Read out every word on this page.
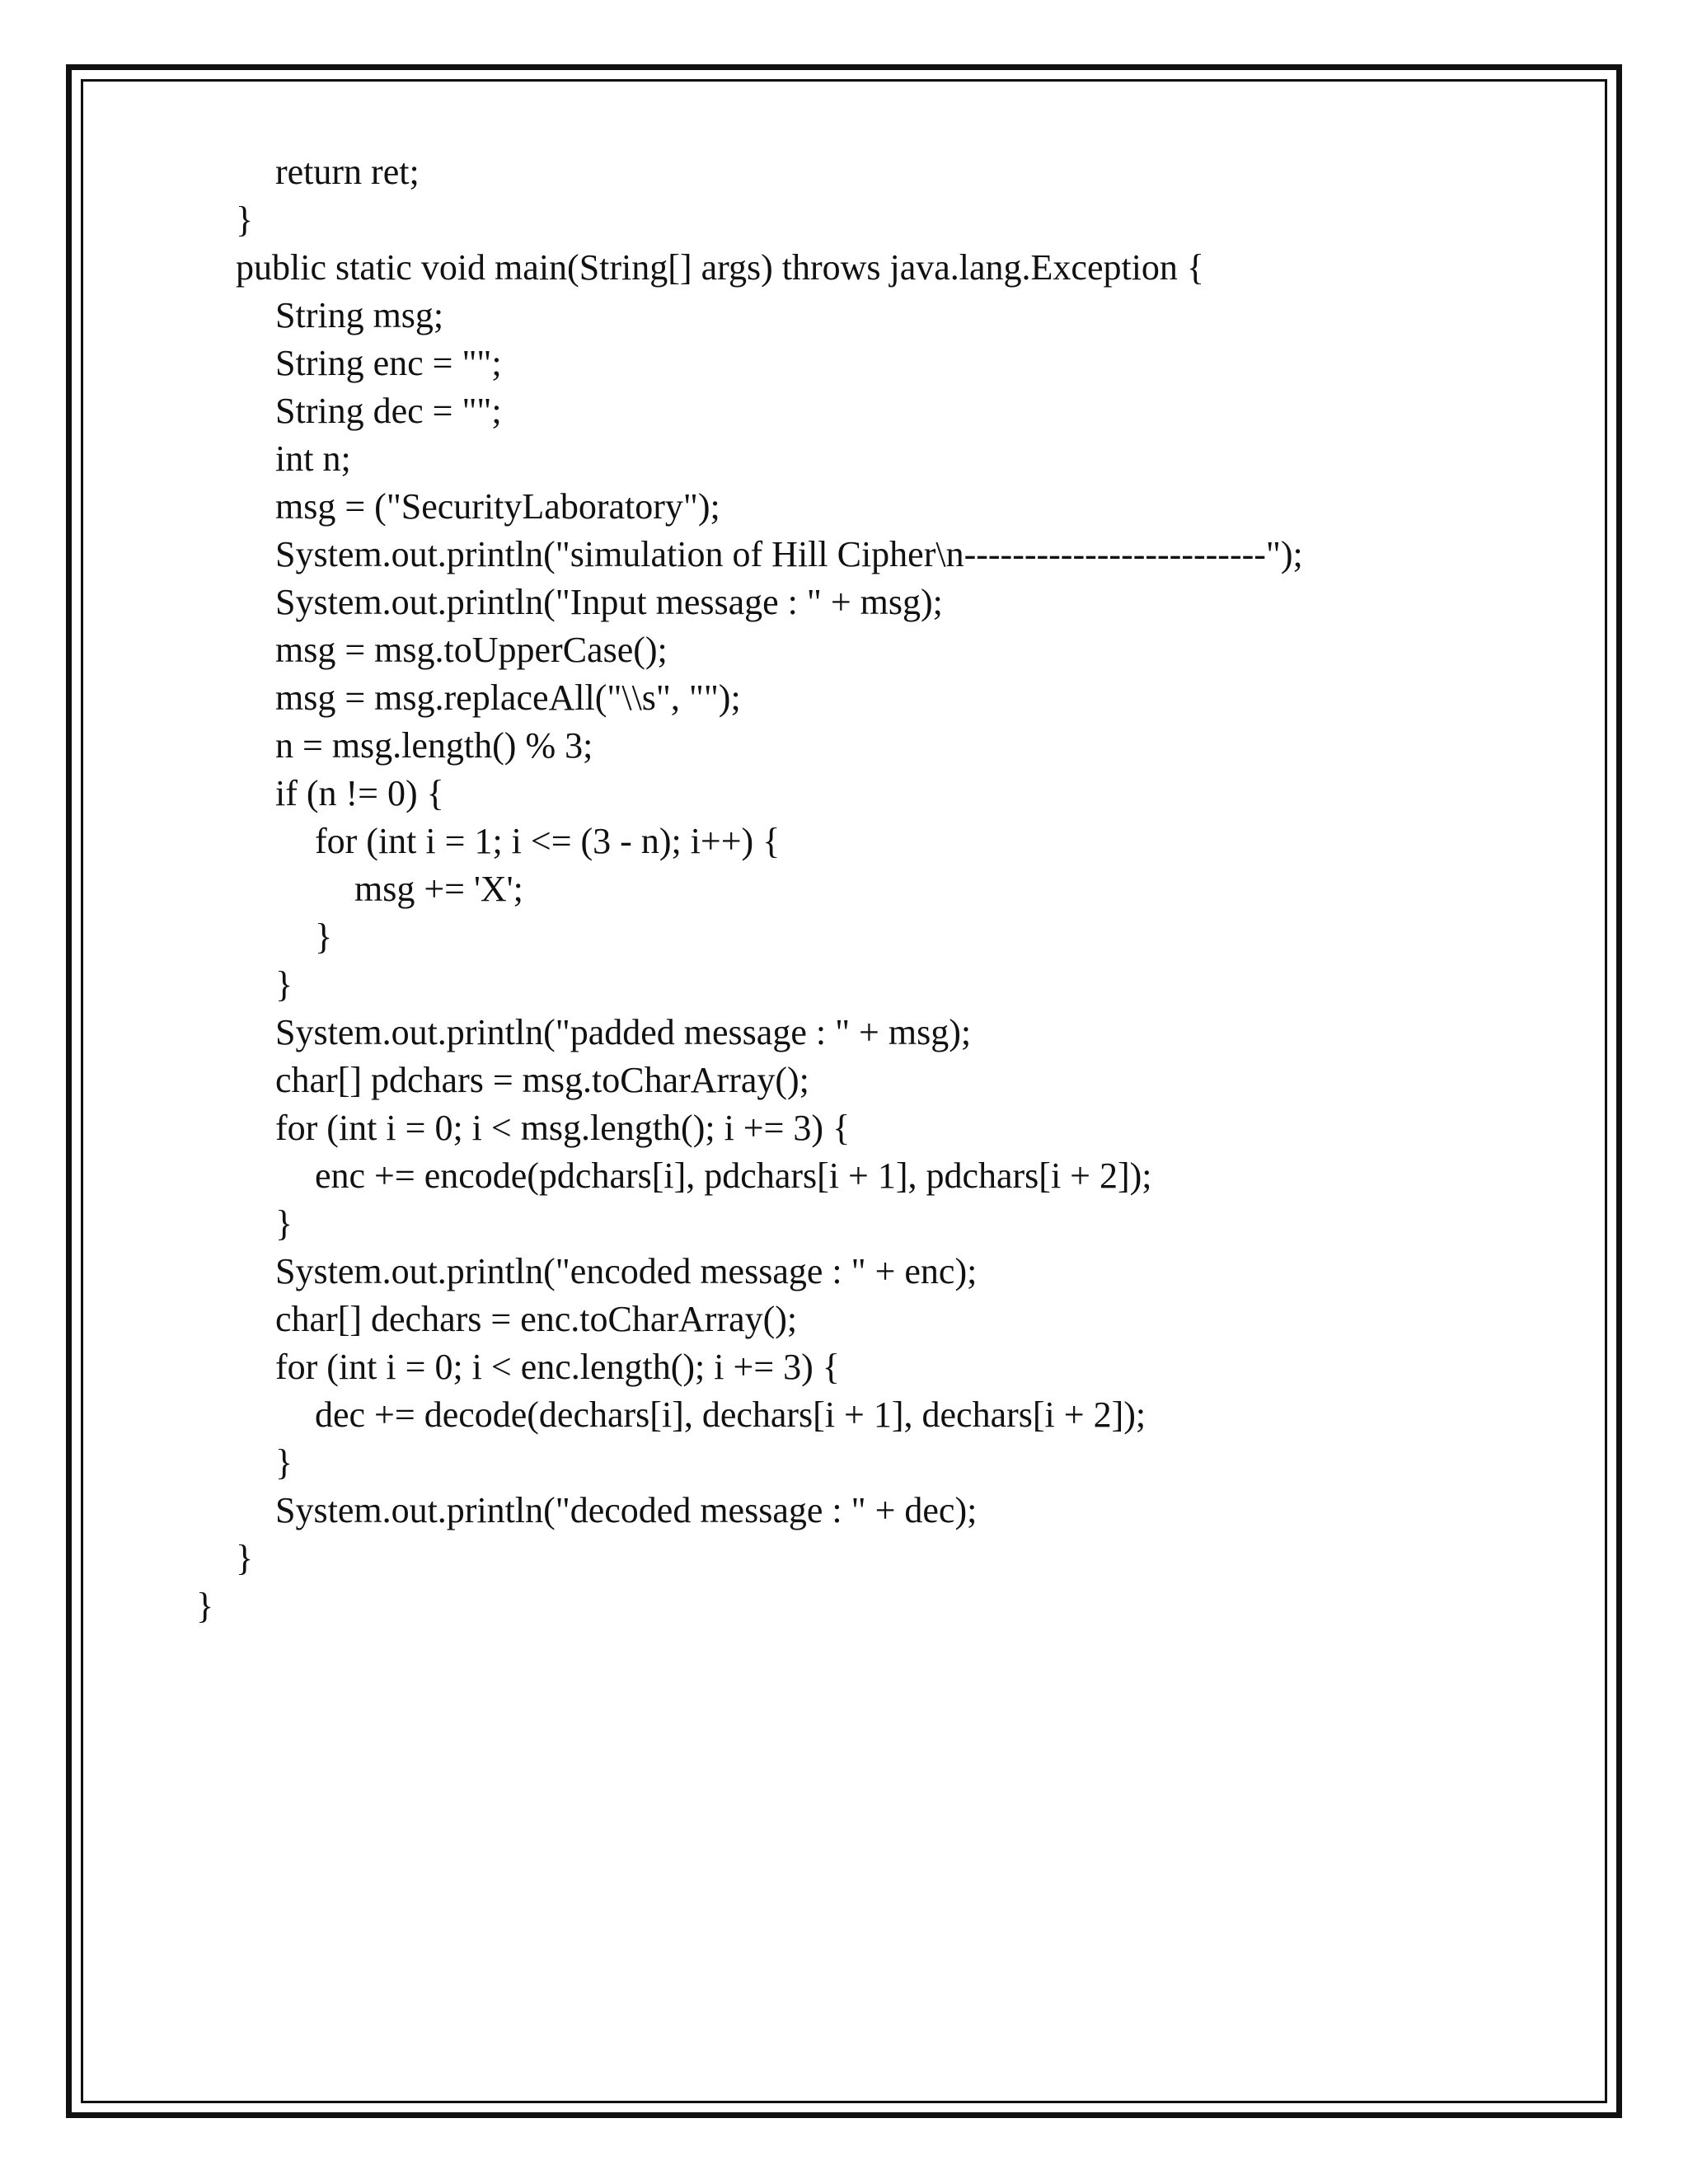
return ret;
}
public static void main(String[] args) throws java.lang.Exception {
String msg;
String enc = "";
String dec = "";
int n;
msg = ("SecurityLaboratory");
System.out.println("simulation of Hill Cipher\n-------------------------");
System.out.println("Input message : " + msg);
msg = msg.toUpperCase();
msg = msg.replaceAll("\\s", "");
n = msg.length() % 3;
if (n != 0) {
for (int i = 1; i <= (3 - n); i++) {
msg += 'X';
}
}
System.out.println("padded message : " + msg);
char[] pdchars = msg.toCharArray();
for (int i = 0; i < msg.length(); i += 3) {
enc += encode(pdchars[i], pdchars[i + 1], pdchars[i + 2]);
}
System.out.println("encoded message : " + enc);
char[] dechars = enc.toCharArray();
for (int i = 0; i < enc.length(); i += 3) {
dec += decode(dechars[i], dechars[i + 1], dechars[i + 2]);
}
System.out.println("decoded message : " + dec);
}
}
